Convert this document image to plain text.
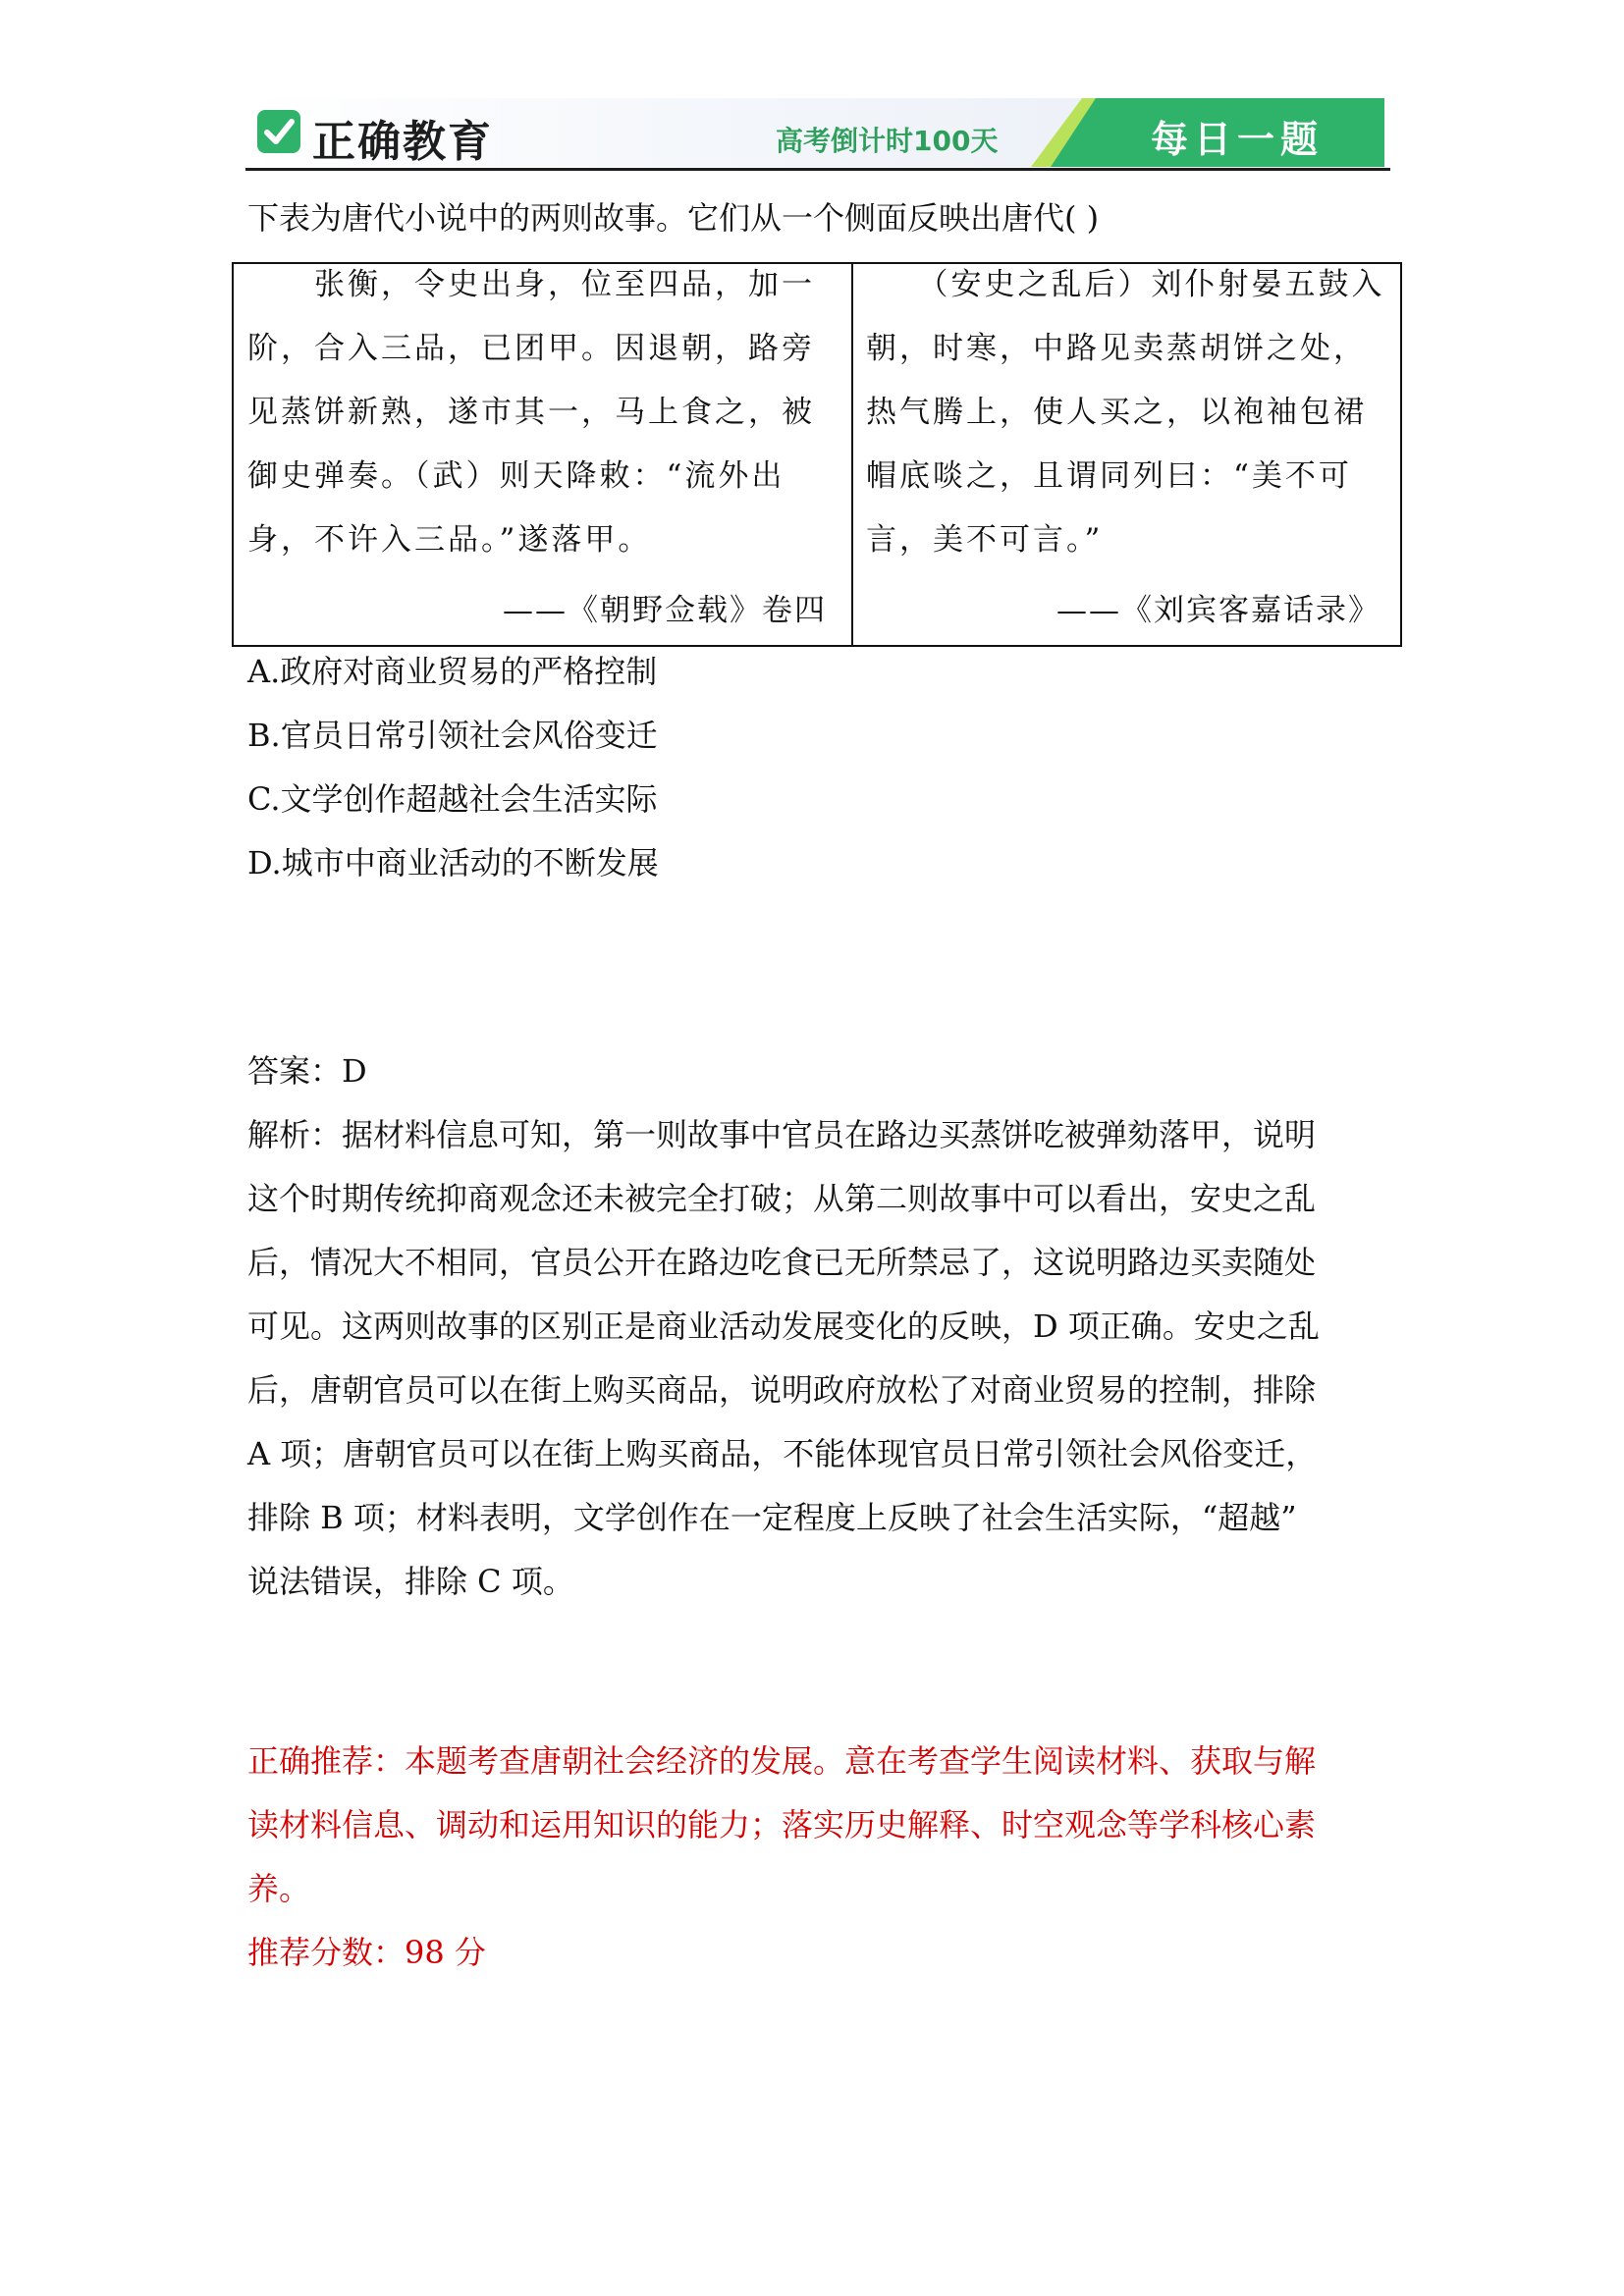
正确教育	高考倒计时100天	每日一题
下表为唐代小说中的两则故事。它们从一个侧面反映出唐代( )
　　张衡，令史出身，位至四品，加一
阶，合入三品，已团甲。因退朝，路旁
见蒸饼新熟，遂市其一，马上食之，被
御史弹奏。（武）则天降敕：“流外出
身，不许入三品。”遂落甲。
——《朝野佥载》卷四
　　（安史之乱后）刘仆射晏五鼓入
朝，时寒，中路见卖蒸胡饼之处，
热气腾上，使人买之，以袍袖包裙
帽底啖之，且谓同列曰：“美不可
言，美不可言。”
——《刘宾客嘉话录》
A.政府对商业贸易的严格控制
B.官员日常引领社会风俗变迁
C.文学创作超越社会生活实际
D.城市中商业活动的不断发展
答案：D
解析：据材料信息可知，第一则故事中官员在路边买蒸饼吃被弹劾落甲，说明
这个时期传统抑商观念还未被完全打破；从第二则故事中可以看出，安史之乱
后，情况大不相同，官员公开在路边吃食已无所禁忌了，这说明路边买卖随处
可见。这两则故事的区别正是商业活动发展变化的反映，D 项正确。安史之乱
后，唐朝官员可以在街上购买商品，说明政府放松了对商业贸易的控制，排除
A 项；唐朝官员可以在街上购买商品，不能体现官员日常引领社会风俗变迁，
排除 B 项；材料表明，文学创作在一定程度上反映了社会生活实际，“超越”
说法错误，排除 C 项。
正确推荐：本题考查唐朝社会经济的发展。意在考查学生阅读材料、获取与解
读材料信息、调动和运用知识的能力；落实历史解释、时空观念等学科核心素
养。
推荐分数：98 分
